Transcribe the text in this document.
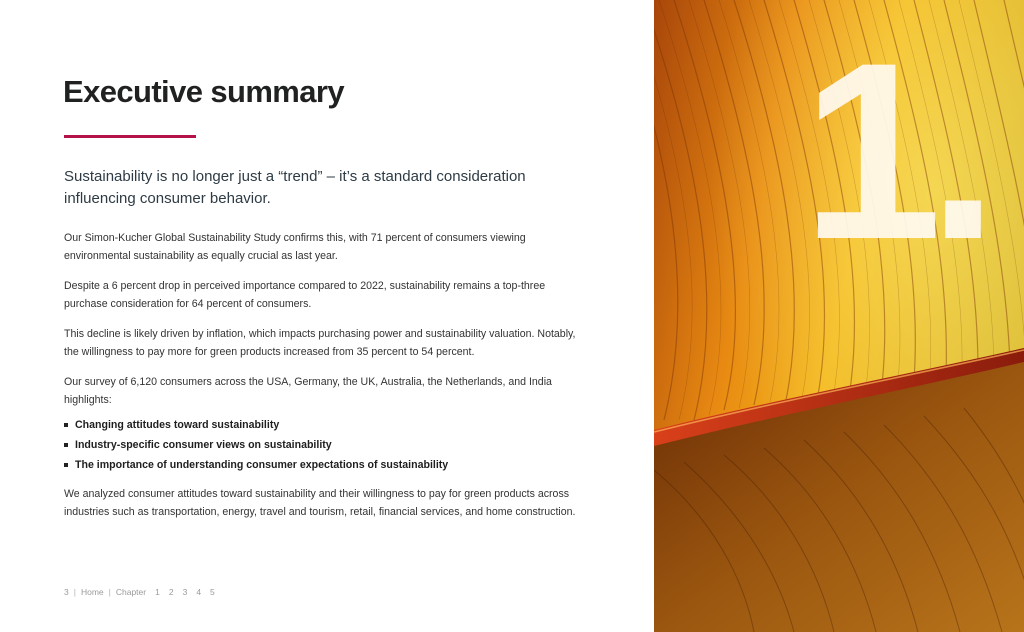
Executive summary

Sustainability is no longer just a “trend” – it’s a standard consideration influencing consumer behavior.

Our Simon-Kucher Global Sustainability Study confirms this, with 71 percent of consumers viewing environmental sustainability as equally crucial as last year.

Despite a 6 percent drop in perceived importance compared to 2022, sustainability remains a top-three purchase consideration for 64 percent of consumers.

This decline is likely driven by inflation, which impacts purchasing power and sustainability valuation. Notably, the willingness to pay more for green products increased from 35 percent to 54 percent.

Our survey of 6,120 consumers across the USA, Germany, the UK, Australia, the Netherlands, and India highlights:

Changing attitudes toward sustainability
Industry-specific consumer views on sustainability
The importance of understanding consumer expectations of sustainability

We analyzed consumer attitudes toward sustainability and their willingness to pay for green products across industries such as transportation, energy, travel and tourism, retail, financial services, and home construction.

3 | Home | Chapter 1 2 3 4 5
1.
